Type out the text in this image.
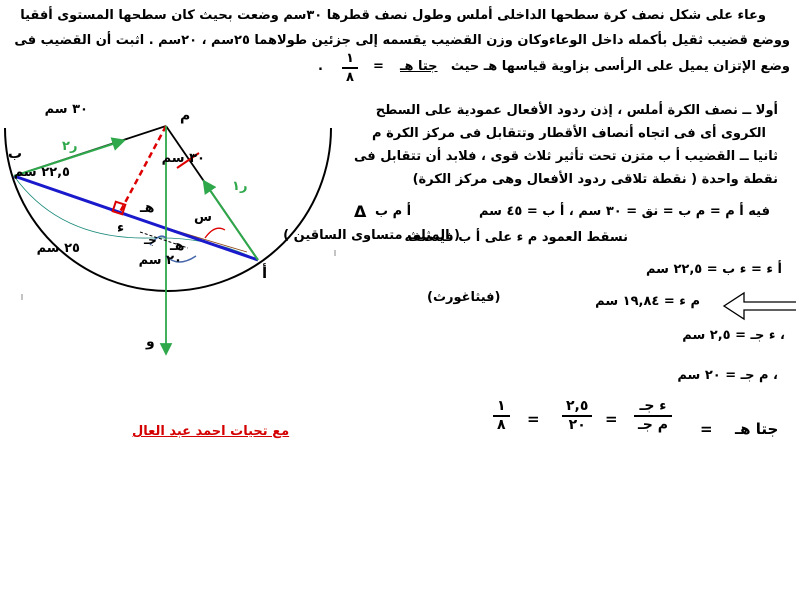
وعاء على شكل نصف كرة سطحها الداخلى أملس وطول نصف قطرها ٣٠سم وضعت بحيث كان سطحها المستوى أفقيا
ووضع قضيب ثقيل بأكمله داخل الوعاءوكان وزن القضيب يقسمه إلى جزئين طولاهما ٢٥سم ، ٢٠سم . اثبت أن القضيب فى
وضع الإتزان يميل على الرأسى بزاوية قياسها هـ حيث
جتا هـ
=
١
٨
.
٣٠ سم
٣٠ سم
٢٢,٥ سم
٢٥ سم
٢٠ سم
م
ب
أ
و
ء
هـ
هـ
جـ
س
ر١
ر٢
أولا ــ نصف الكرة أملس ، إذن ردود الأفعال عمودية على السطح
الكروى أى فى اتجاه أنصاف الأقطار وتتقابل فى مركز الكرة م
ثانيا ــ القضيب أ ب متزن تحت تأثير ثلاث قوى ، فلابد أن تتقابل فى
نقطة واحدة ( نقطة تلاقى ردود الأفعال وهى مركز الكرة)
Δ أ م ب	فيه أ م = م ب = نق = ٣٠ سم ، أ ب = ٤٥ سم
نسقط العمود م ء على أ ب فينصفه
( المثلث متساوى الساقين )
أ ء = ء ب = ٢٢,٥ سم
(فيثاغورث)	م ء = ١٩,٨٤ سم
، ء جـ = ٢,٥ سم
، م جـ = ٢٠ سم
جتا هـ
=
ء جـ
م جـ
=
٢,٥
٢٠
=
١
٨
مع تحيات احمد عبد العال
